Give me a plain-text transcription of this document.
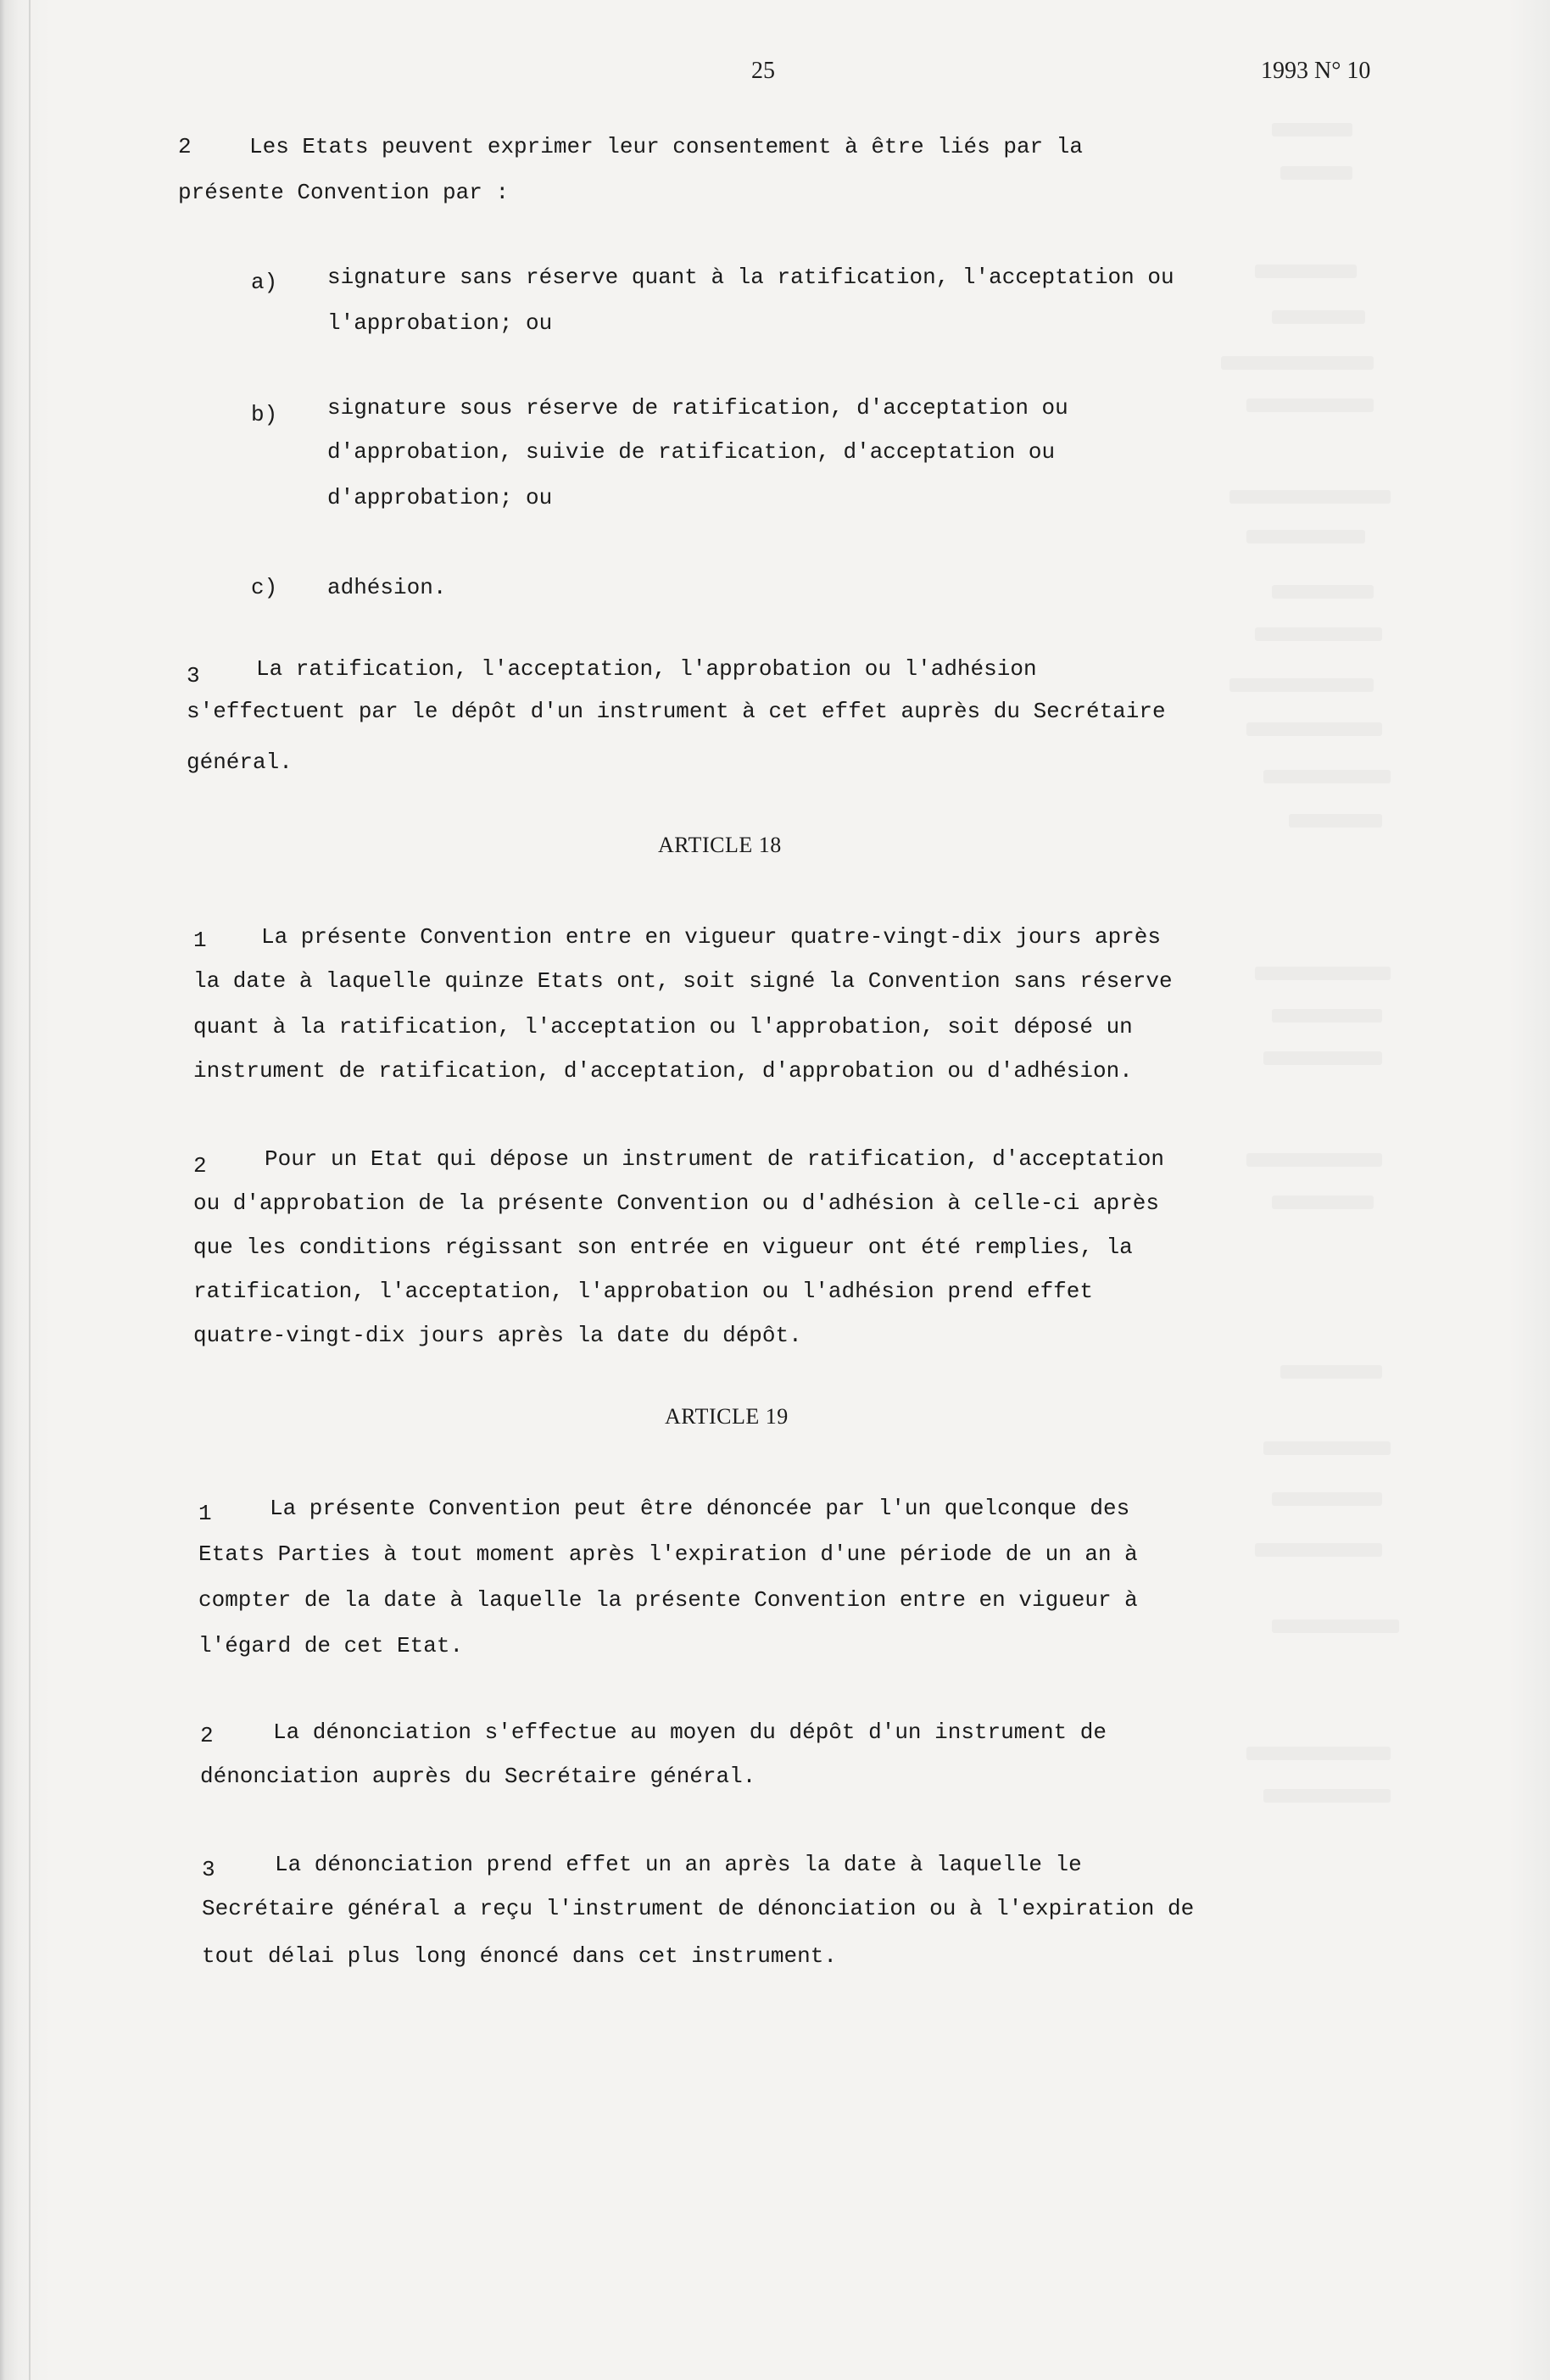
25	1993 N° 10

2

	Les Etats peuvent exprimer leur consentement à être liés par la

présente Convention par :

a)

signature sans réserve quant à la ratification, l'acceptation ou

l'approbation; ou

b)

signature sous réserve de ratification, d'acceptation ou

d'approbation, suivie de ratification, d'acceptation ou

d'approbation; ou

c)

adhésion.

3

	La ratification, l'acceptation, l'approbation ou l'adhésion

s'effectuent par le dépôt d'un instrument à cet effet auprès du Secrétaire

général.

ARTICLE 18

1

La présente Convention entre en vigueur quatre-vingt-dix jours après

la date à laquelle quinze Etats ont, soit signé la Convention sans réserve

quant à la ratification, l'acceptation ou l'approbation, soit déposé un

instrument de ratification, d'acceptation, d'approbation ou d'adhésion.

2

	Pour un Etat qui dépose un instrument de ratification, d'acceptation

ou d'approbation de la présente Convention ou d'adhésion à celle-ci après

que les conditions régissant son entrée en vigueur ont été remplies, la

ratification, l'acceptation, l'approbation ou l'adhésion prend effet

quatre-vingt-dix jours après la date du dépôt.

ARTICLE 19

1

	La présente Convention peut être dénoncée par l'un quelconque des

Etats Parties à tout moment après l'expiration d'une période de un an à

compter de la date à laquelle la présente Convention entre en vigueur à

l'égard de cet Etat.

2

	La dénonciation s'effectue au moyen du dépôt d'un instrument de

dénonciation auprès du Secrétaire général.

3

	La dénonciation prend effet un an après la date à laquelle le

Secrétaire général a reçu l'instrument de dénonciation ou à l'expiration de

tout délai plus long énoncé dans cet instrument.
